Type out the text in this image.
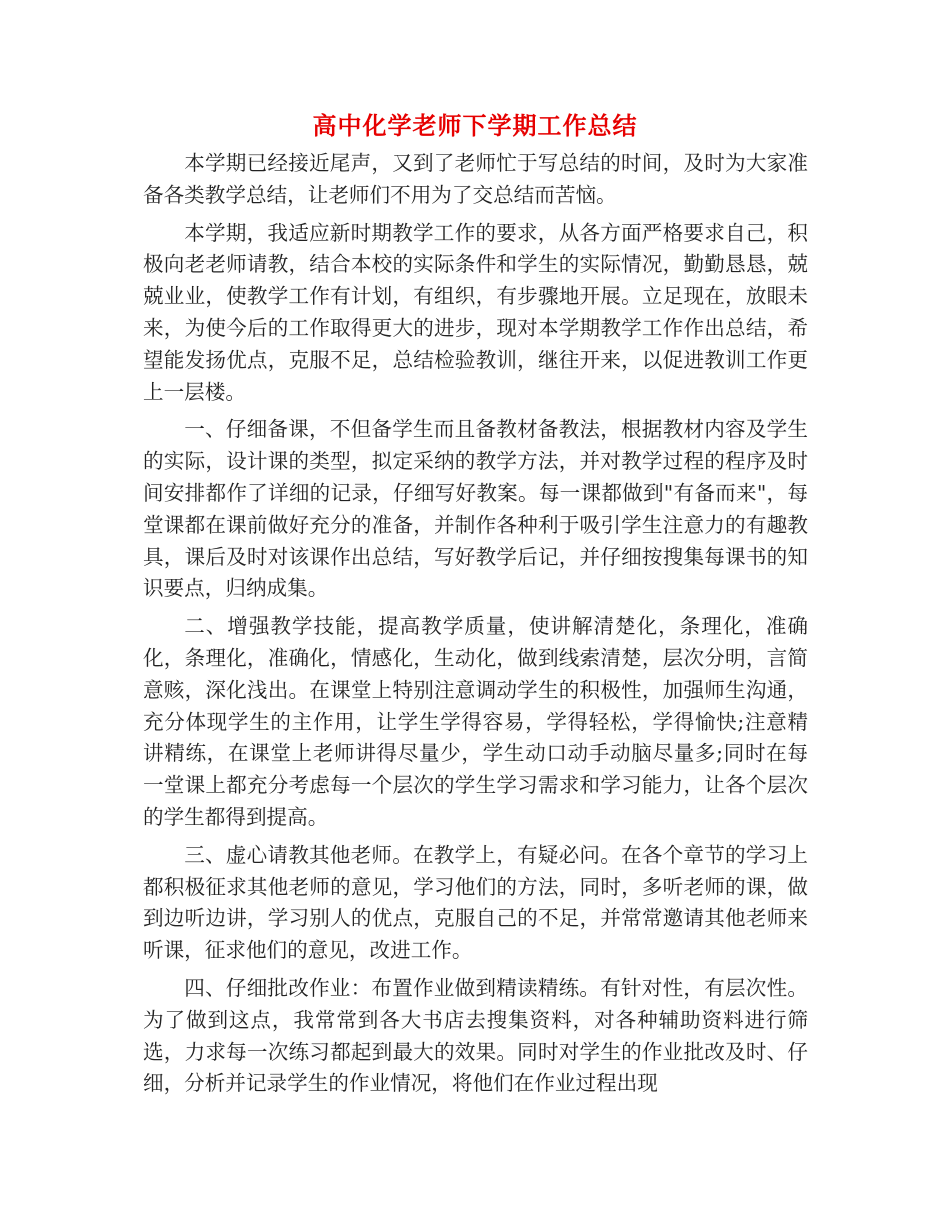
高中化学老师下学期工作总结

本学期已经接近尾声，又到了老师忙于写总结的时间，及时为大家准备各类教学总结，让老师们不用为了交总结而苦恼。

本学期，我适应新时期教学工作的要求，从各方面严格要求自己，积极向老老师请教，结合本校的实际条件和学生的实际情况，勤勤恳恳，兢兢业业，使教学工作有计划，有组织，有步骤地开展。立足现在，放眼未来，为使今后的工作取得更大的进步，现对本学期教学工作作出总结，希望能发扬优点，克服不足，总结检验教训，继往开来，以促进教训工作更上一层楼。

一、仔细备课，不但备学生而且备教材备教法，根据教材内容及学生的实际，设计课的类型，拟定采纳的教学方法，并对教学过程的程序及时间安排都作了详细的记录，仔细写好教案。每一课都做到"有备而来"，每堂课都在课前做好充分的准备，并制作各种利于吸引学生注意力的有趣教具，课后及时对该课作出总结，写好教学后记，并仔细按搜集每课书的知识要点，归纳成集。

二、增强教学技能，提高教学质量，使讲解清楚化，条理化，准确化，条理化，准确化，情感化，生动化，做到线索清楚，层次分明，言简意赅，深化浅出。在课堂上特别注意调动学生的积极性，加强师生沟通，充分体现学生的主作用，让学生学得容易，学得轻松，学得愉快;注意精讲精练，在课堂上老师讲得尽量少，学生动口动手动脑尽量多;同时在每一堂课上都充分考虑每一个层次的学生学习需求和学习能力，让各个层次的学生都得到提高。

三、虚心请教其他老师。在教学上，有疑必问。在各个章节的学习上都积极征求其他老师的意见，学习他们的方法，同时，多听老师的课，做到边听边讲，学习别人的优点，克服自己的不足，并常常邀请其他老师来听课，征求他们的意见，改进工作。

四、仔细批改作业：布置作业做到精读精练。有针对性，有层次性。为了做到这点，我常常到各大书店去搜集资料，对各种辅助资料进行筛选，力求每一次练习都起到最大的效果。同时对学生的作业批改及时、仔细，分析并记录学生的作业情况，将他们在作业过程出现
